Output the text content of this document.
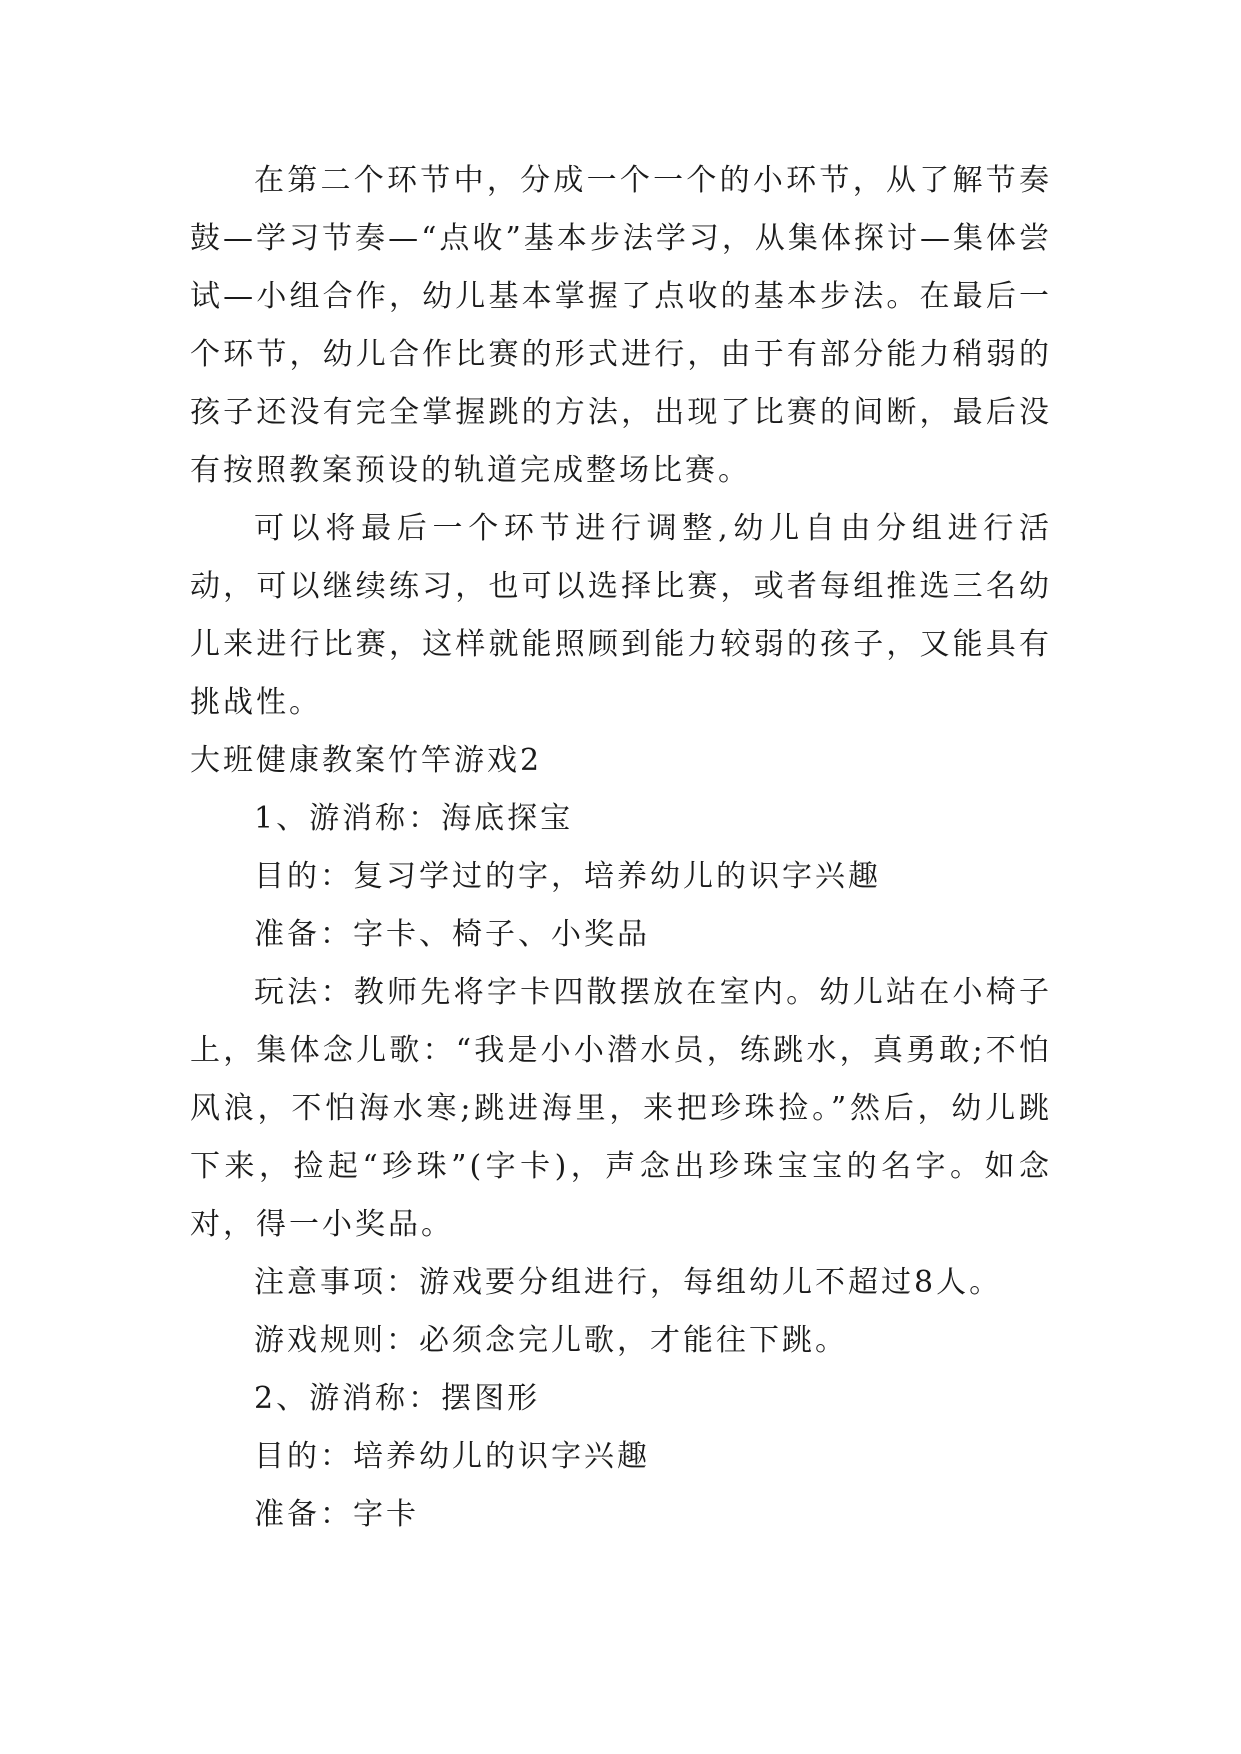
在第二个环节中，分成一个一个的小环节，从了解节奏鼓—学习节奏—“点收”基本步法学习，从集体探讨—集体尝试—小组合作，幼儿基本掌握了点收的基本步法。在最后一个环节，幼儿合作比赛的形式进行，由于有部分能力稍弱的孩子还没有完全掌握跳的方法，出现了比赛的间断，最后没有按照教案预设的轨道完成整场比赛。

可以将最后一个环节进行调整,幼儿自由分组进行活动，可以继续练习，也可以选择比赛，或者每组推选三名幼儿来进行比赛，这样就能照顾到能力较弱的孩子，又能具有挑战性。

大班健康教案竹竿游戏2

1、游消称：海底探宝

目的：复习学过的字，培养幼儿的识字兴趣

准备：字卡、椅子、小奖品

玩法：教师先将字卡四散摆放在室内。幼儿站在小椅子上，集体念儿歌：“我是小小潜水员，练跳水，真勇敢;不怕风浪，不怕海水寒;跳进海里，来把珍珠捡。”然后，幼儿跳下来，捡起“珍珠”(字卡)，声念出珍珠宝宝的名字。如念对，得一小奖品。

注意事项：游戏要分组进行，每组幼儿不超过8人。

游戏规则：必须念完儿歌，才能往下跳。

2、游消称：摆图形

目的：培养幼儿的识字兴趣

准备：字卡
